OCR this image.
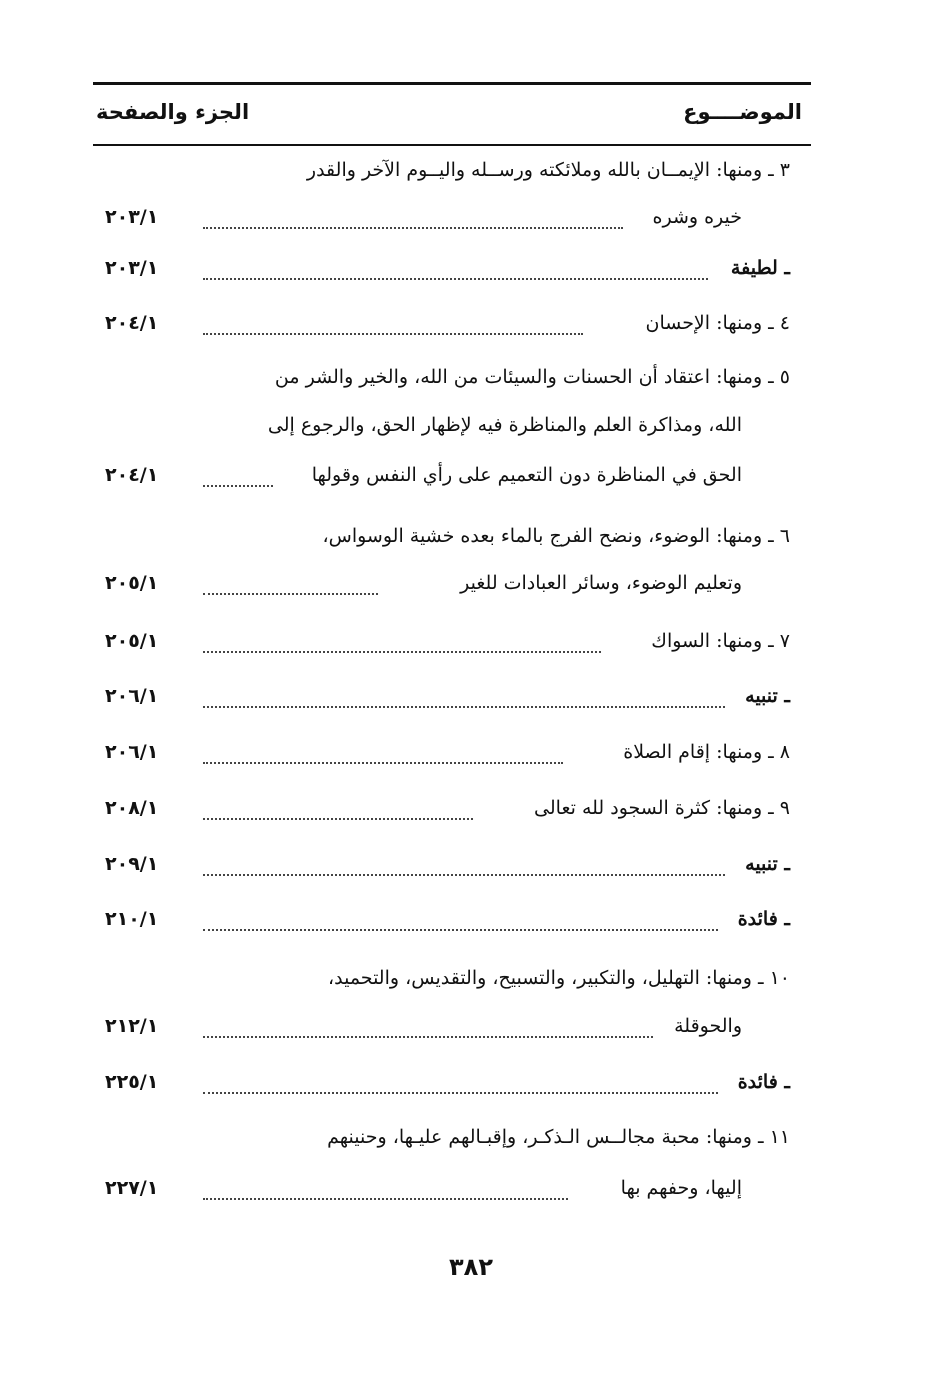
الموضــــوع
الجزء والصفحة
٣ ـ ومنها: الإيمــان بالله وملائكته ورســله واليــوم الآخر والقدر
خيره وشره
٢٠٣/١
ـ لطيفة
٢٠٣/١
٤ ـ ومنها: الإحسان
٢٠٤/١
٥ ـ ومنها: اعتقاد أن الحسنات والسيئات من الله، والخير والشر من
الله، ومذاكرة العلم والمناظرة فيه لإظهار الحق، والرجوع إلى
الحق في المناظرة دون التعميم على رأي النفس وقولها
٢٠٤/١
٦ ـ ومنها: الوضوء، ونضح الفرج بالماء بعده خشية الوسواس،
وتعليم الوضوء، وسائر العبادات للغير
٢٠٥/١
٧ ـ ومنها: السواك
٢٠٥/١
ـ تنبيه
٢٠٦/١
٨ ـ ومنها: إقام الصلاة
٢٠٦/١
٩ ـ ومنها: كثرة السجود لله تعالى
٢٠٨/١
ـ تنبيه
٢٠٩/١
ـ فائدة
٢١٠/١
١٠ ـ ومنها: التهليل، والتكبير، والتسبيح، والتقديس، والتحميد،
والحوقلة
٢١٢/١
ـ فائدة
٢٢٥/١
١١ ـ ومنها: محبة مجالــس الـذكـر، وإقبـالهم عليـها، وحنينهم
إليها، وحفهم بها
٢٢٧/١
٣٨٢
